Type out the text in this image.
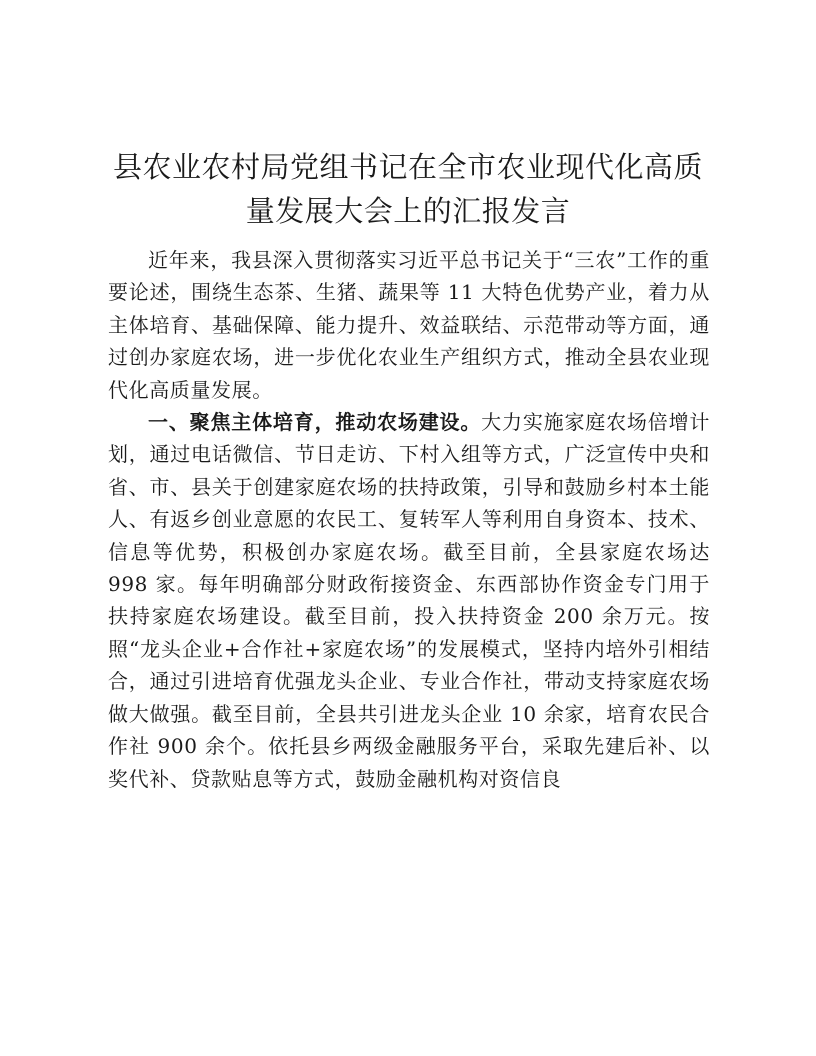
县农业农村局党组书记在全市农业现代化高质量发展大会上的汇报发言

近年来，我县深入贯彻落实习近平总书记关于“三农”工作的重要论述，围绕生态茶、生猪、蔬果等 11 大特色优势产业，着力从主体培育、基础保障、能力提升、效益联结、示范带动等方面，通过创办家庭农场，进一步优化农业生产组织方式，推动全县农业现代化高质量发展。

一、聚焦主体培育，推动农场建设。大力实施家庭农场倍增计划，通过电话微信、节日走访、下村入组等方式，广泛宣传中央和省、市、县关于创建家庭农场的扶持政策，引导和鼓励乡村本土能人、有返乡创业意愿的农民工、复转军人等利用自身资本、技术、信息等优势，积极创办家庭农场。截至目前，全县家庭农场达 998 家。每年明确部分财政衔接资金、东西部协作资金专门用于扶持家庭农场建设。截至目前，投入扶持资金 200 余万元。按照“龙头企业+合作社+家庭农场”的发展模式，坚持内培外引相结合，通过引进培育优强龙头企业、专业合作社，带动支持家庭农场做大做强。截至目前，全县共引进龙头企业 10 余家，培育农民合作社 900 余个。依托县乡两级金融服务平台，采取先建后补、以奖代补、贷款贴息等方式，鼓励金融机构对资信良
